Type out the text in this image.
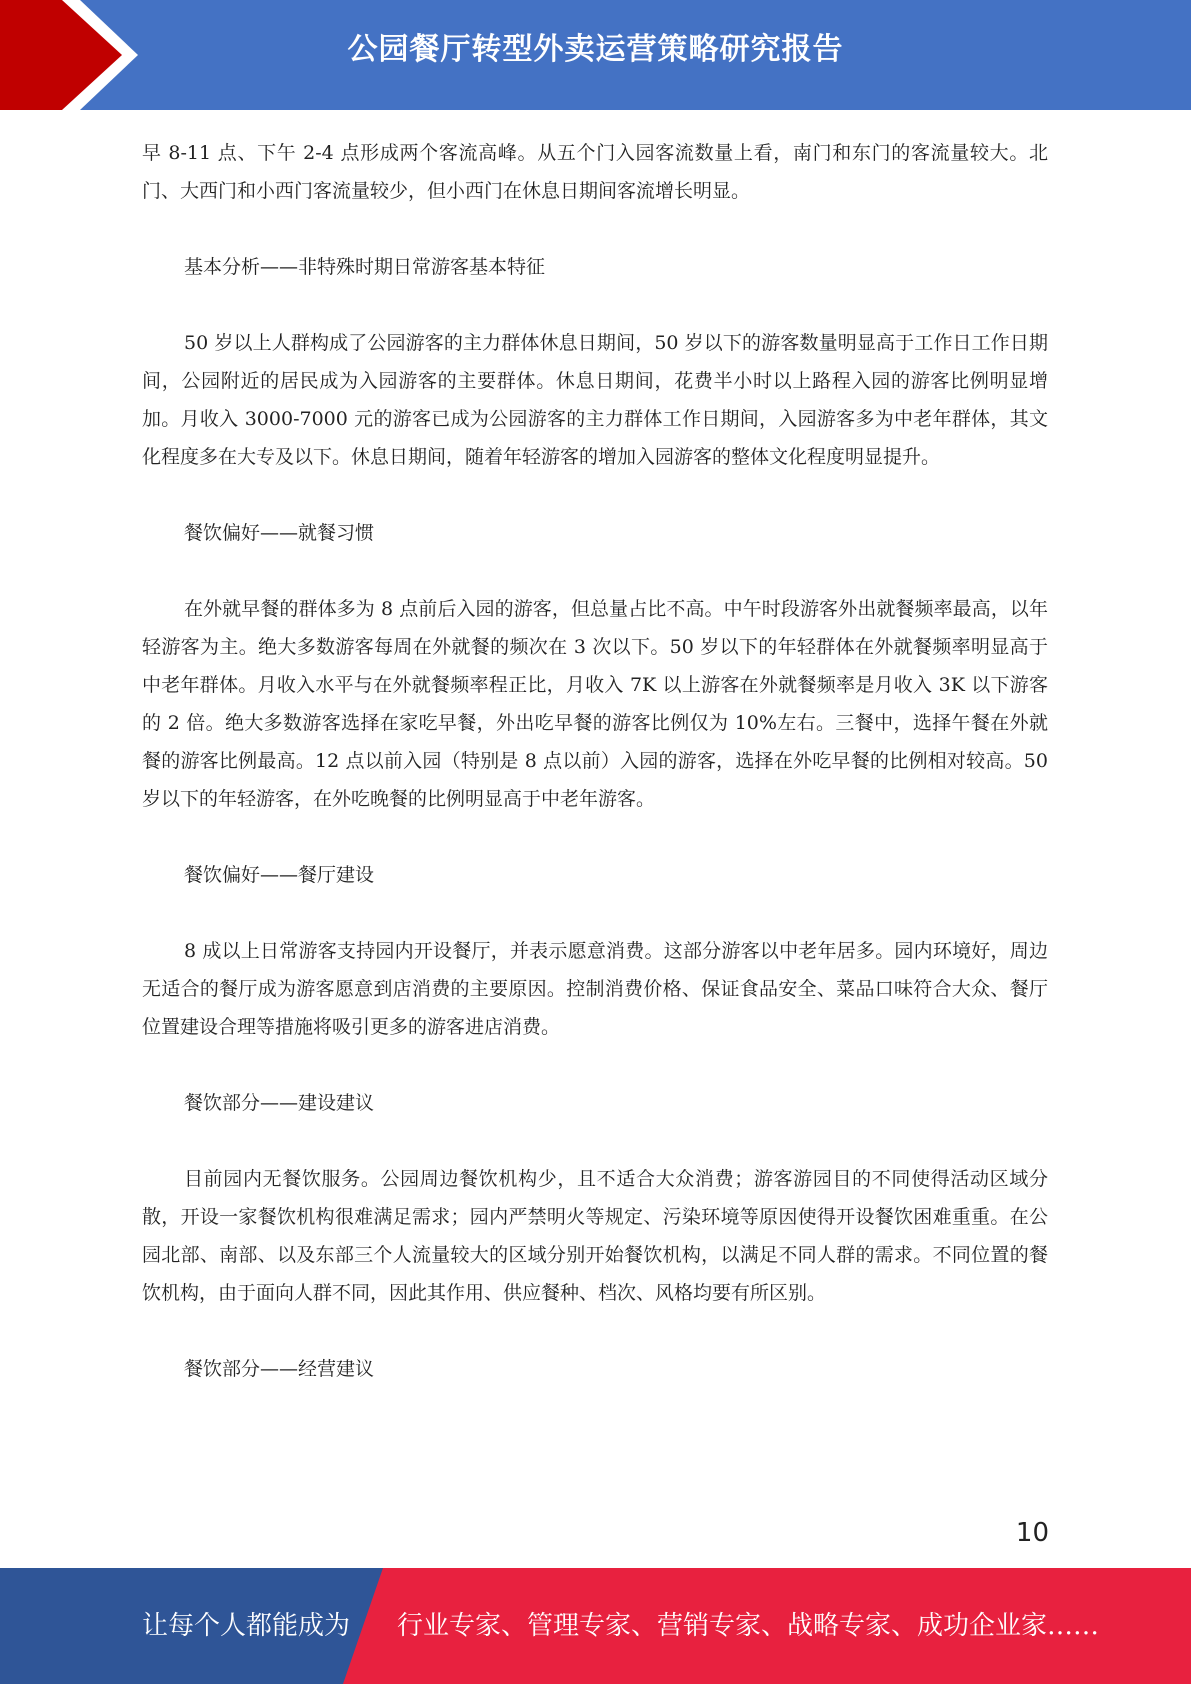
公园餐厅转型外卖运营策略研究报告

早 8-11 点、下午 2-4 点形成两个客流高峰。从五个门入园客流数量上看，南门和东门的客流量较大。北门、大西门和小西门客流量较少，但小西门在休息日期间客流增长明显。

基本分析——非特殊时期日常游客基本特征

50 岁以上人群构成了公园游客的主力群体休息日期间，50 岁以下的游客数量明显高于工作日工作日期间，公园附近的居民成为入园游客的主要群体。休息日期间，花费半小时以上路程入园的游客比例明显增加。月收入 3000-7000 元的游客已成为公园游客的主力群体工作日期间，入园游客多为中老年群体，其文化程度多在大专及以下。休息日期间，随着年轻游客的增加入园游客的整体文化程度明显提升。

餐饮偏好——就餐习惯

在外就早餐的群体多为 8 点前后入园的游客，但总量占比不高。中午时段游客外出就餐频率最高，以年轻游客为主。绝大多数游客每周在外就餐的频次在 3 次以下。50 岁以下的年轻群体在外就餐频率明显高于中老年群体。月收入水平与在外就餐频率程正比，月收入 7K 以上游客在外就餐频率是月收入 3K 以下游客的 2 倍。绝大多数游客选择在家吃早餐，外出吃早餐的游客比例仅为 10%左右。三餐中，选择午餐在外就餐的游客比例最高。12 点以前入园（特别是 8 点以前）入园的游客，选择在外吃早餐的比例相对较高。50 岁以下的年轻游客，在外吃晚餐的比例明显高于中老年游客。

餐饮偏好——餐厅建设

8 成以上日常游客支持园内开设餐厅，并表示愿意消费。这部分游客以中老年居多。园内环境好，周边无适合的餐厅成为游客愿意到店消费的主要原因。控制消费价格、保证食品安全、菜品口味符合大众、餐厅位置建设合理等措施将吸引更多的游客进店消费。

餐饮部分——建设建议

目前园内无餐饮服务。公园周边餐饮机构少，且不适合大众消费；游客游园目的不同使得活动区域分散，开设一家餐饮机构很难满足需求；园内严禁明火等规定、污染环境等原因使得开设餐饮困难重重。在公园北部、南部、以及东部三个人流量较大的区域分别开始餐饮机构，以满足不同人群的需求。不同位置的餐饮机构，由于面向人群不同，因此其作用、供应餐种、档次、风格均要有所区别。

餐饮部分——经营建议

10
让每个人都能成为 行业专家、管理专家、营销专家、战略专家、成功企业家……
